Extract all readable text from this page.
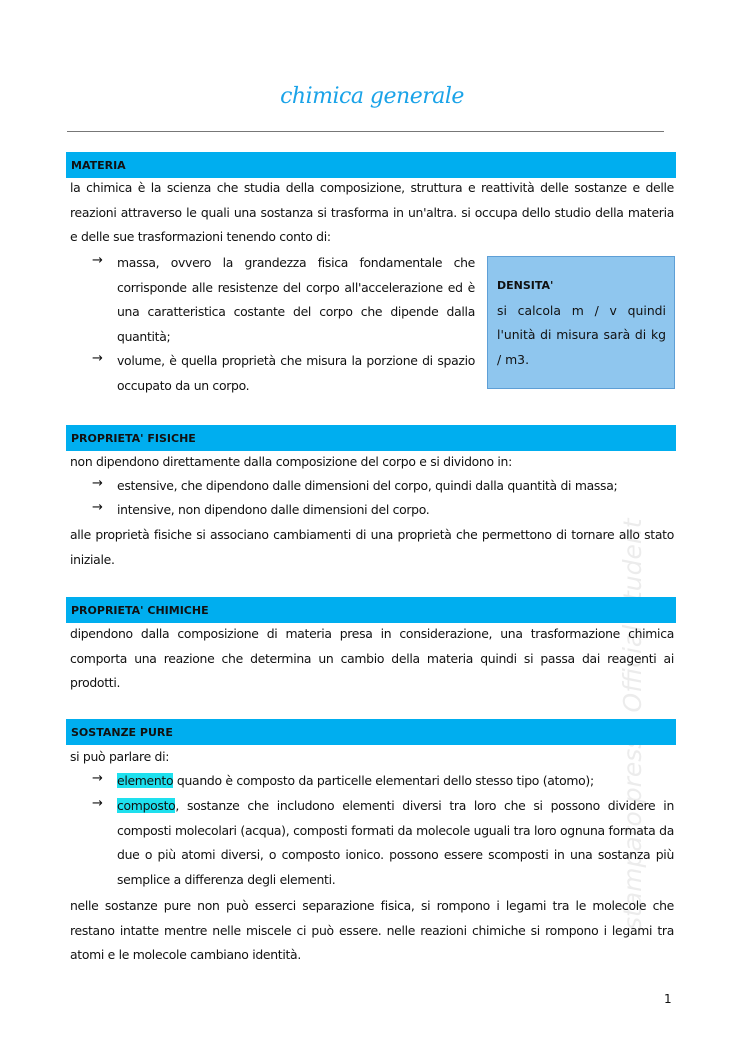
chimica generale
MATERIA
la chimica è la scienza che studia della composizione, struttura e reattività delle sostanze e delle reazioni attraverso le quali una sostanza si trasforma in un'altra. si occupa dello studio della materia e delle sue trasformazioni tenendo conto di:
→ massa, ovvero la grandezza fisica fondamentale che corrisponde alle resistenze del corpo all'accelerazione ed è una caratteristica costante del corpo che dipende dalla quantità;
→ volume, è quella proprietà che misura la porzione di spazio occupato da un corpo.
DENSITA'
si calcola m / v quindi l'unità di misura sarà di kg / m3.
PROPRIETA' FISICHE
non dipendono direttamente dalla composizione del corpo e si dividono in:
→ estensive, che dipendono dalle dimensioni del corpo, quindi dalla quantità di massa;
→ intensive, non dipendono dalle dimensioni del corpo.
alle proprietà fisiche si associano cambiamenti di una proprietà che permettono di tornare allo stato iniziale.
PROPRIETA' CHIMICHE
dipendono dalla composizione di materia presa in considerazione, una trasformazione chimica comporta una reazione che determina un cambio della materia quindi si passa dai reagenti ai prodotti.
SOSTANZE PURE
si può parlare di:
→ elemento quando è composto da particelle elementari dello stesso tipo (atomo);
→ composto, sostanze che includono elementi diversi tra loro che si possono dividere in composti molecolari (acqua), composti formati da molecole uguali tra loro ognuna formata da due o più atomi diversi, o composto ionico. possono essere scomposti in una sostanza più semplice a differenza degli elementi.
nelle sostanze pure non può esserci separazione fisica, si rompono i legami tra le molecole che restano intatte mentre nelle miscele ci può essere. nelle reazioni chimiche si rompono i legami tra atomi e le molecole cambiano identità.
1
